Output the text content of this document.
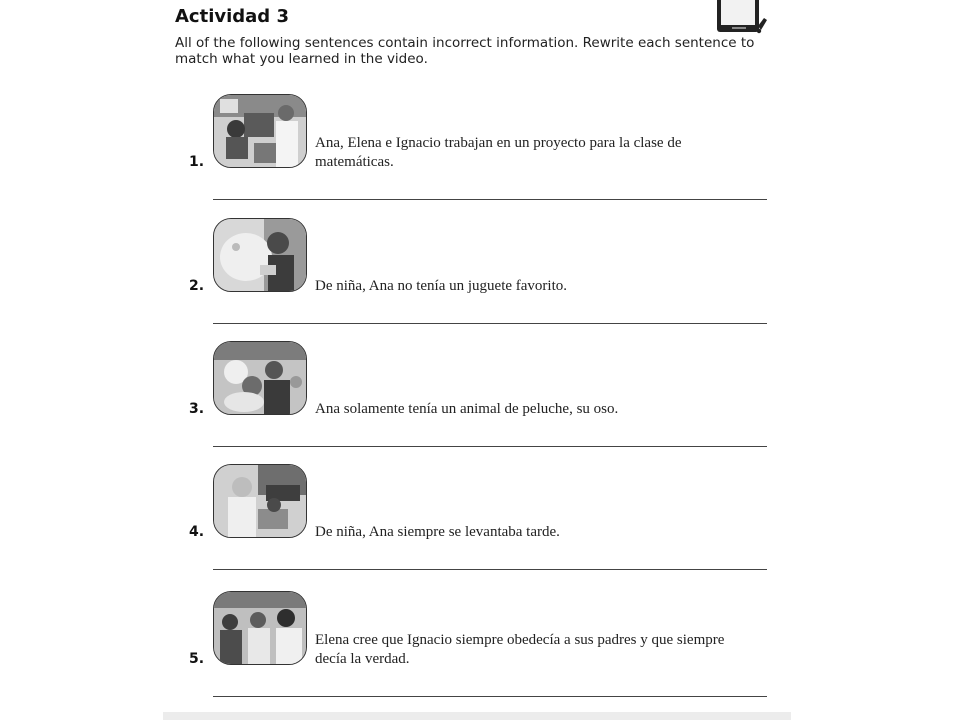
Actividad 3
All of the following sentences contain incorrect information. Rewrite each sentence to match what you learned in the video.
1.
Ana, Elena e Ignacio trabajan en un proyecto para la clase de matemáticas.
2.	De niña, Ana no tenía un juguete favorito.
3.	Ana solamente tenía un animal de peluche, su oso.
4.	De niña, Ana siempre se levantaba tarde.
5.
Elena cree que Ignacio siempre obedecía a sus padres y que siempre decía la verdad.
